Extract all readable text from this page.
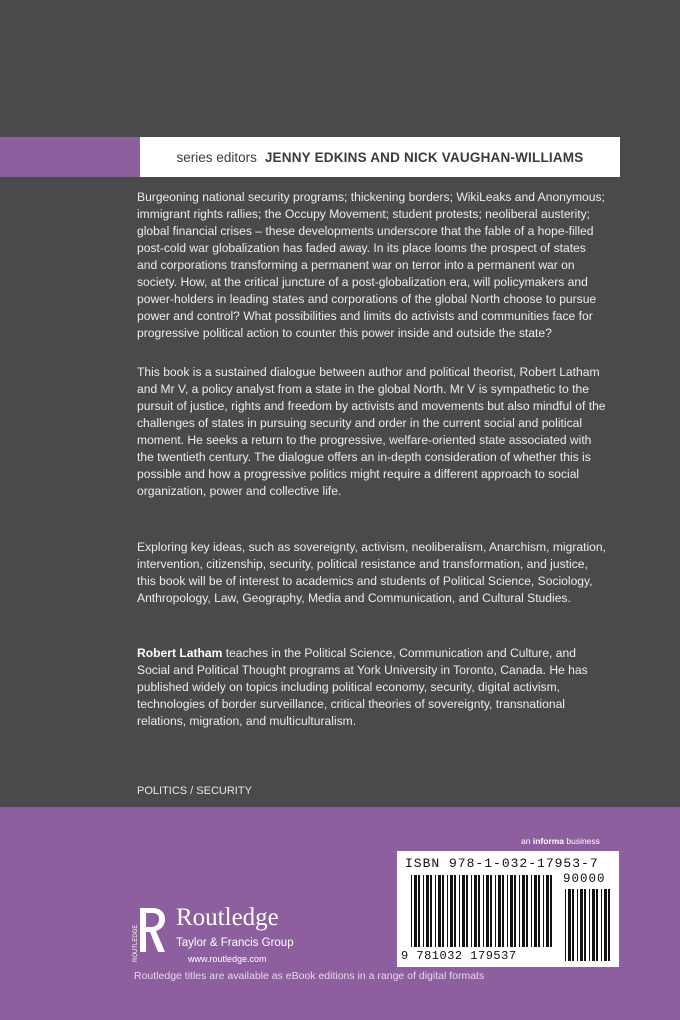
series editors JENNY EDKINS AND NICK VAUGHAN-WILLIAMS

Burgeoning national security programs; thickening borders; WikiLeaks and Anonymous; immigrant rights rallies; the Occupy Movement; student protests; neoliberal austerity; global financial crises – these developments underscore that the fable of a hope-filled post-cold war globalization has faded away. In its place looms the prospect of states and corporations transforming a permanent war on terror into a permanent war on society. How, at the critical juncture of a post-globalization era, will policymakers and power-holders in leading states and corporations of the global North choose to pursue power and control? What possibilities and limits do activists and communities face for progressive political action to counter this power inside and outside the state?

This book is a sustained dialogue between author and political theorist, Robert Latham and Mr V, a policy analyst from a state in the global North. Mr V is sympathetic to the pursuit of justice, rights and freedom by activists and movements but also mindful of the challenges of states in pursuing security and order in the current social and political moment. He seeks a return to the progressive, welfare-oriented state associated with the twentieth century. The dialogue offers an in-depth consideration of whether this is possible and how a progressive politics might require a different approach to social organization, power and collective life.

Exploring key ideas, such as sovereignty, activism, neoliberalism, Anarchism, migration, intervention, citizenship, security, political resistance and transformation, and justice, this book will be of interest to academics and students of Political Science, Sociology, Anthropology, Law, Geography, Media and Communication, and Cultural Studies.

Robert Latham teaches in the Political Science, Communication and Culture, and Social and Political Thought programs at York University in Toronto, Canada. He has published widely on topics including political economy, security, digital activism, technologies of border surveillance, critical theories of sovereignty, transnational relations, migration, and multiculturalism.

POLITICS / SECURITY
an informa business
ISBN 978-1-032-17953-7
90000
9 781032 179537
ROUTLEDGE
Routledge
Taylor & Francis Group
www.routledge.com
Routledge titles are available as eBook editions in a range of digital formats
